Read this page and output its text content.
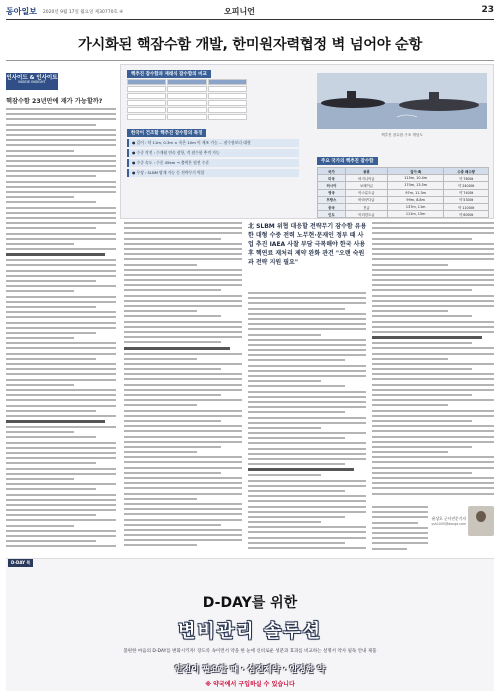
동아일보 2020년 9월 17일 월요일 제30770호 ④	오피니언	23
가시화된 핵잠수함 개발, 한미원자력협정 벽 넘어야 순항
인사이드 & 인사이트
INSIDE INSIGHT
핵잠수함 23년만에 재가 가능할까?
핵추진 잠수함과 재래식 잠수함의 비교
한국이 건조할 핵추진 잠수함의 특징
● 길이 : 약 11m, 0.3m × 폭은 10m 이 제조 가능 ... 잠수함보다 대형
● 수중 작전 : 수개월 연속 잠항, 적 잠수함 추적 가능
● 수중 속도 : 수중 45km → 출력은 원전 수준
● 무장 : SLBM 탑재 가능 등 전략무기 역할
핵추진 잠수함 구조 개념도
주요 국가의 핵추진 잠수함
국가	종류	길이·폭	수중 배수량
미국	버지니아급	115m, 10.4m	약 7800t
러시아	보레이급	170m, 13.5m	약 24000t
영국	아스튜트급	97m, 11.3m	약 7400t
프랑스	바라쿠다급	99m, 8.8m	약 5300t
중국	진급	137m, 11m	약 11000t
인도	아리한트급	111m, 15m	약 6000t
北 SLBM 위협 대응할 전략무기 잠수함 유용한 대형 수중 전력 노무현·문재인 정부 때 사업 추진 IAEA 사찰 부담 극복해야 한국 사용후 핵연료 재처리 제약 완화 관건 "오랜 숙원과 전략 지원 필요"
윤상호 군사전문기자
ysh1005@donga.com
D-DAY 북
D-DAY를 위한
변비관리 솔루션
불편한 마음의 D-DAY를 변화시키자! 장도록 속이면서 약을 한 눈에 신비로운 성분과 효과를 비교하는 설명서 약사 필독 안내 제품
안전이 필요할 때 · 섬진제약 · 안정한 약
※ 약국에서 구입하실 수 있습니다
